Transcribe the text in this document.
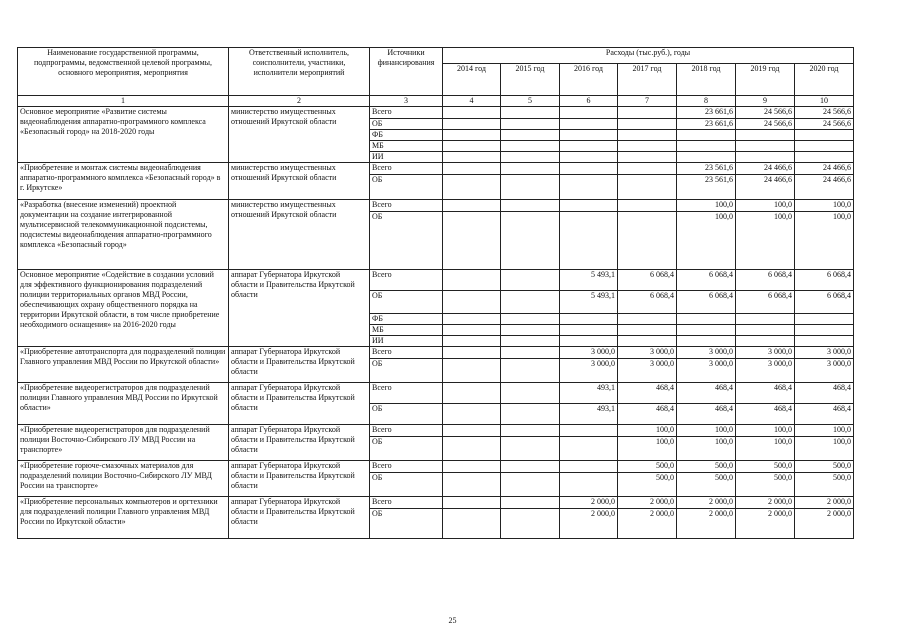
Наименование государственной программы, подпрограммы, ведомственной целевой программы, основного мероприятия, мероприятия	Ответственный исполнитель, соисполнители, участники, исполнители мероприятий	Источники финансирования	Расходы (тыс.руб.), годы						
			2014 год	2015 год	2016 год	2017 год	2018 год	2019 год	2020 год
1	2	3	4	5	6	7	8	9	10
Основное мероприятие «Развитие системы видеонаблюдения аппаратно-программного комплекса «Безопасный город» на 2018-2020 годы	министерство имущественных отношений Иркутской области	Всего					23 661,6	24 566,6	24 566,6
		ОБ					23 661,6	24 566,6	24 566,6
		ФБ							
		МБ							
		ИИ							
«Приобретение и монтаж системы видеонаблюдения аппаратно-программного комплекса «Безопасный город» в г. Иркутске»	министерство имущественных отношений Иркутской области	Всего					23 561,6	24 466,6	24 466,6
		ОБ					23 561,6	24 466,6	24 466,6
«Разработка (внесение изменений) проектной документации на создание интегрированной мультисервисной телекоммуникационной подсистемы, подсистемы видеонаблюдения аппаратно-программного комплекса «Безопасный город»	министерство имущественных отношений Иркутской области	Всего					100,0	100,0	100,0
		ОБ					100,0	100,0	100,0
Основное мероприятие «Содействие в создании условий для эффективного функционирования подразделений полиции территориальных органов МВД России, обеспечивающих охрану общественного порядка на территории Иркутской области, в том числе приобретение необходимого оснащения» на 2016-2020 годы	аппарат Губернатора Иркутской области и Правительства Иркутской области	Всего			5 493,1	6 068,4	6 068,4	6 068,4	6 068,4
		ОБ			5 493,1	6 068,4	6 068,4	6 068,4	6 068,4
		ФБ							
		МБ							
		ИИ							
«Приобретение автотранспорта для подразделений полиции Главного управления МВД России по Иркутской области»	аппарат Губернатора Иркутской области и Правительства Иркутской области	Всего			3 000,0	3 000,0	3 000,0	3 000,0	3 000,0
		ОБ			3 000,0	3 000,0	3 000,0	3 000,0	3 000,0
«Приобретение видеорегистраторов для подразделений полиции Главного управления МВД России по Иркутской области»	аппарат Губернатора Иркутской области и Правительства Иркутской области	Всего			493,1	468,4	468,4	468,4	468,4
		ОБ			493,1	468,4	468,4	468,4	468,4
«Приобретение видеорегистраторов для подразделений полиции Восточно-Сибирского ЛУ МВД России на транспорте»	аппарат Губернатора Иркутской области и Правительства Иркутской области	Всего				100,0	100,0	100,0	100,0
		ОБ				100,0	100,0	100,0	100,0
«Приобретение горюче-смазочных материалов для подразделений полиции Восточно-Сибирского ЛУ МВД России на транспорте»	аппарат Губернатора Иркутской области и Правительства Иркутской области	Всего				500,0	500,0	500,0	500,0
		ОБ				500,0	500,0	500,0	500,0
«Приобретение персональных компьютеров и оргтехники для подразделений полиции Главного управления МВД России по Иркутской области»	аппарат Губернатора Иркутской области и Правительства Иркутской области	Всего			2 000,0	2 000,0	2 000,0	2 000,0	2 000,0
		ОБ			2 000,0	2 000,0	2 000,0	2 000,0	2 000,0
25
